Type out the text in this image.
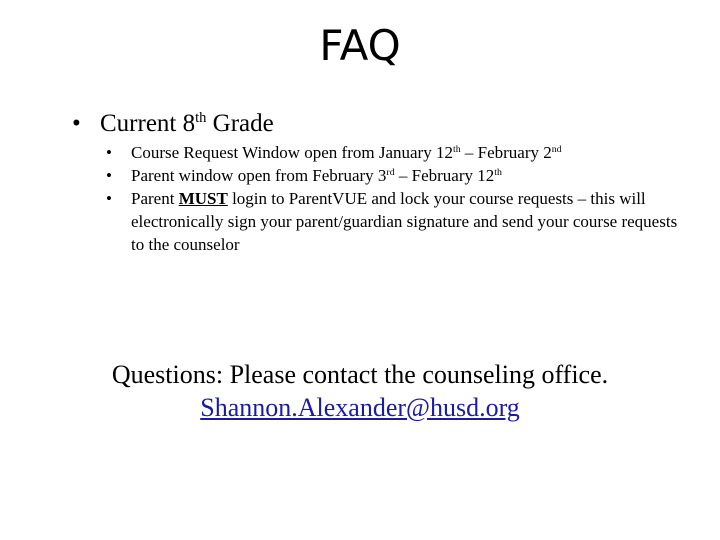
FAQ
• Current 8th Grade
• Course Request Window open from January 12th – February 2nd
• Parent window open from February 3rd – February 12th
• Parent MUST login to ParentVUE and lock your course requests – this will electronically sign your parent/guardian signature and send your course requests to the counselor
Questions: Please contact the counseling office.
Shannon.Alexander@husd.org
